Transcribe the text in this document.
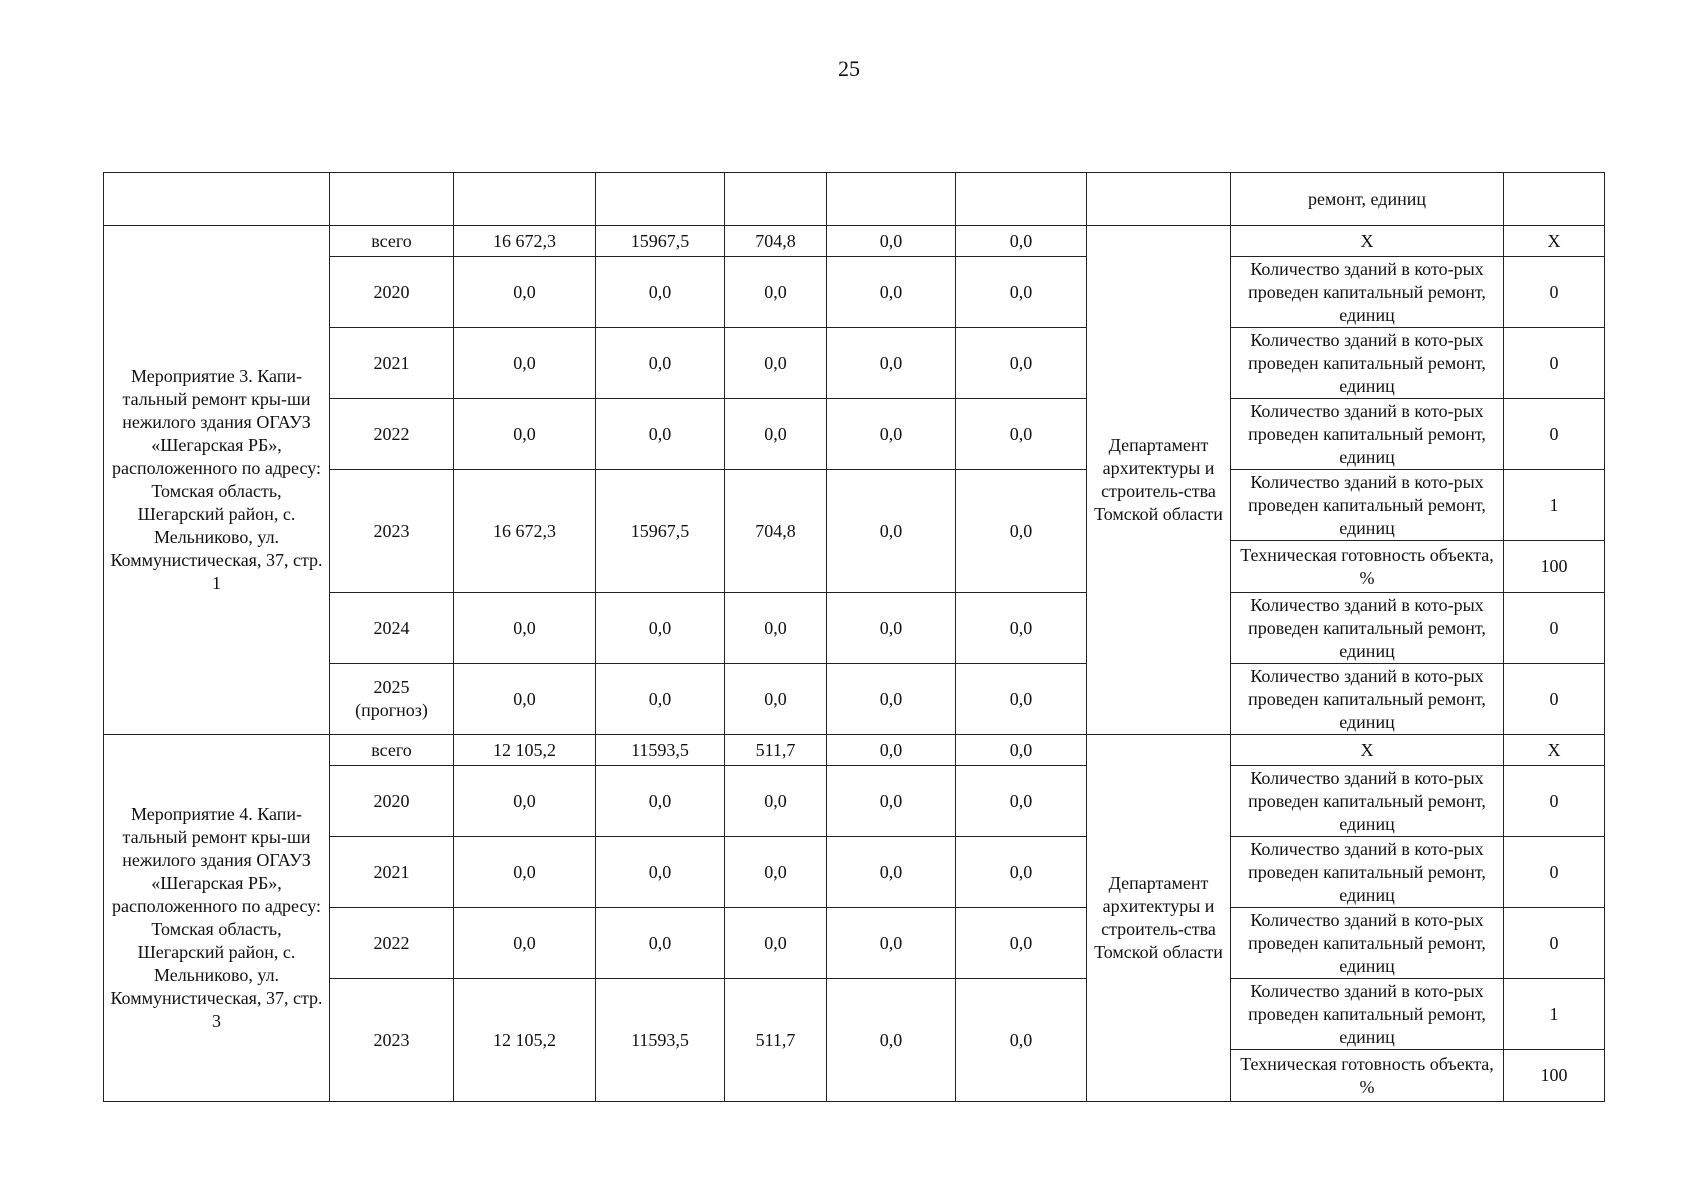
25
								ремонт, единиц	
Мероприятие 3. Капи-тальный ремонт кры-ши нежилого здания ОГАУЗ «Шегарская РБ», расположенного по адресу: Томская область, Шегарский район, с. Мельниково, ул. Коммунистическая, 37, стр. 1	всего	16 672,3	15967,5	704,8	0,0	0,0	Департамент архитектуры и строитель-ства Томской области	Х	Х
	2020	0,0	0,0	0,0	0,0	0,0		Количество зданий в кото-рых проведен капитальный ремонт, единиц	0
	2021	0,0	0,0	0,0	0,0	0,0		Количество зданий в кото-рых проведен капитальный ремонт, единиц	0
	2022	0,0	0,0	0,0	0,0	0,0		Количество зданий в кото-рых проведен капитальный ремонт, единиц	0
	2023	16 672,3	15967,5	704,8	0,0	0,0		Количество зданий в кото-рых проведен капитальный ремонт, единиц	1
								Техническая готовность объекта, %	100
	2024	0,0	0,0	0,0	0,0	0,0		Количество зданий в кото-рых проведен капитальный ремонт, единиц	0
	2025 (прогноз)	0,0	0,0	0,0	0,0	0,0		Количество зданий в кото-рых проведен капитальный ремонт, единиц	0
Мероприятие 4. Капи-тальный ремонт кры-ши нежилого здания ОГАУЗ «Шегарская РБ», расположенного по адресу: Томская область, Шегарский район, с. Мельниково, ул. Коммунистическая, 37, стр. 3	всего	12 105,2	11593,5	511,7	0,0	0,0	Департамент архитектуры и строитель-ства Томской области	Х	Х
	2020	0,0	0,0	0,0	0,0	0,0		Количество зданий в кото-рых проведен капитальный ремонт, единиц	0
	2021	0,0	0,0	0,0	0,0	0,0		Количество зданий в кото-рых проведен капитальный ремонт, единиц	0
	2022	0,0	0,0	0,0	0,0	0,0		Количество зданий в кото-рых проведен капитальный ремонт, единиц	0
	2023	12 105,2	11593,5	511,7	0,0	0,0		Количество зданий в кото-рых проведен капитальный ремонт, единиц	1
								Техническая готовность объекта, %	100
